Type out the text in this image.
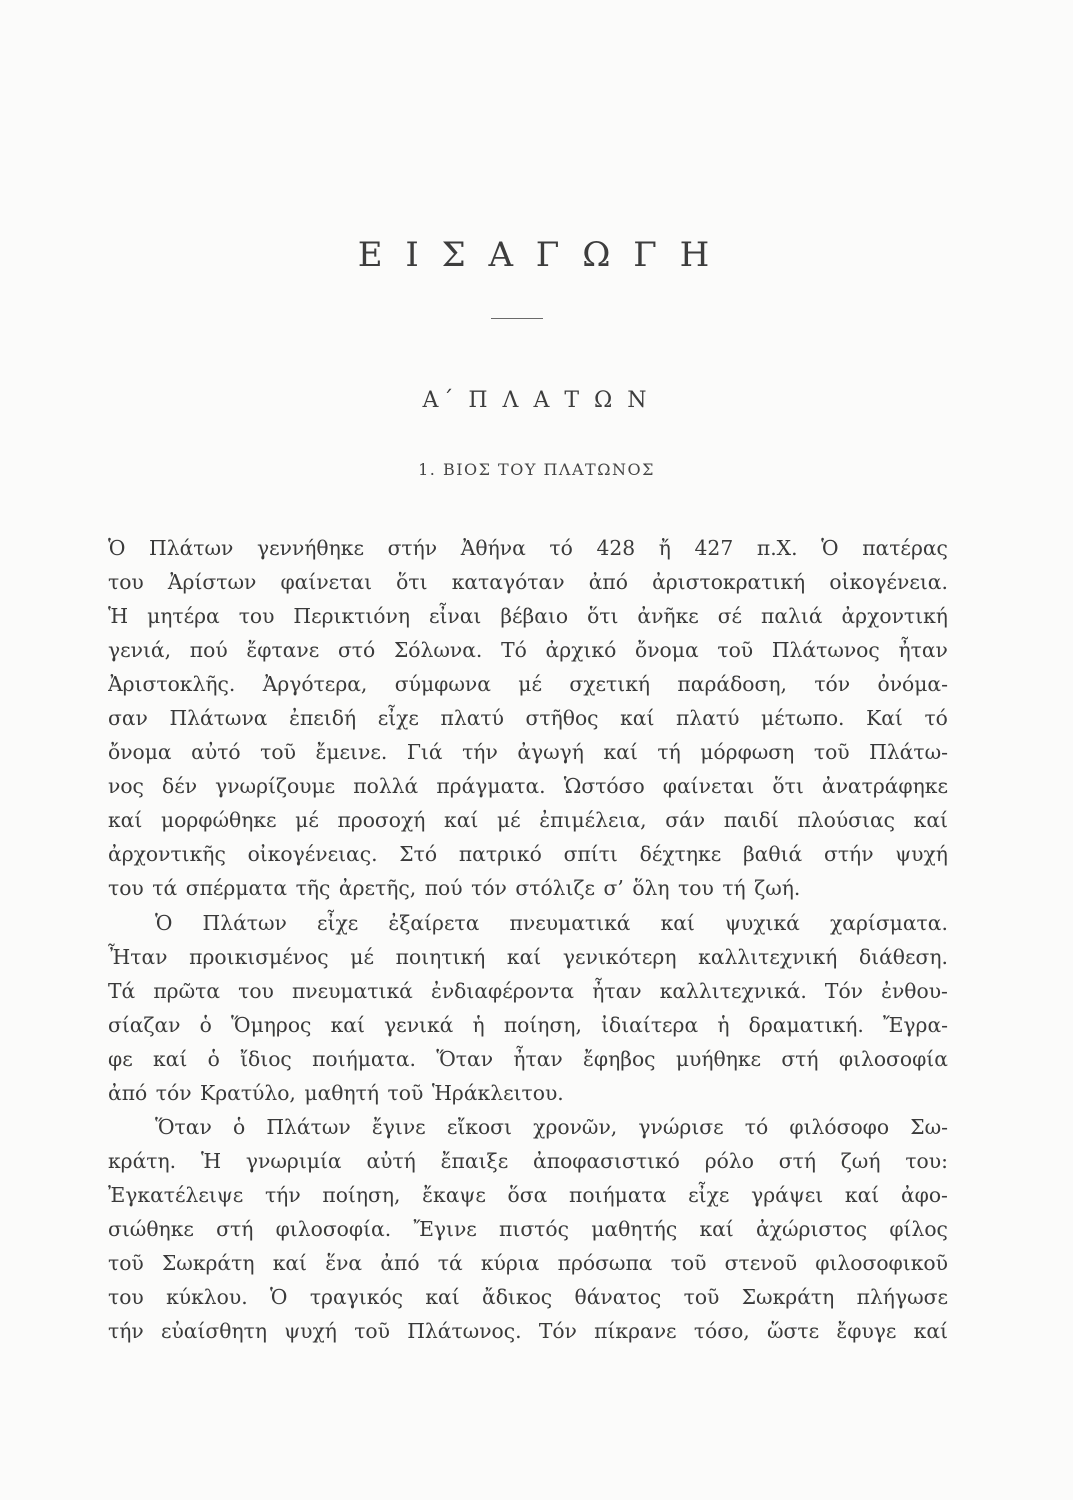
Ε Ι Σ Α Γ Ω Γ Η
Α΄ Π Λ Α Τ Ω Ν
1. ΒΙΟΣ ΤΟΥ ΠΛΑΤΩΝΟΣ
Ὁ Πλάτων γεννήθηκε στήν Ἀθήνα τό 428 ἤ 427 π.Χ. Ὁ πατέρας
του Ἀρίστων φαίνεται ὅτι καταγόταν ἀπό ἀριστοκρατική οἰκογένεια.
Ἡ μητέρα του Περικτιόνη εἶναι βέβαιο ὅτι ἀνῆκε σέ παλιά ἀρχοντική
γενιά, πού ἔφτανε στό Σόλωνα. Τό ἀρχικό ὄνομα τοῦ Πλάτωνος ἦταν
Ἀριστοκλῆς. Ἀργότερα, σύμφωνα μέ σχετική παράδοση, τόν ὀνόμα-
σαν Πλάτωνα ἐπειδή εἶχε πλατύ στῆθος καί πλατύ μέτωπο. Καί τό
ὄνομα αὐτό τοῦ ἔμεινε. Γιά τήν ἀγωγή καί τή μόρφωση τοῦ Πλάτω-
νος δέν γνωρίζουμε πολλά πράγματα. Ὡστόσο φαίνεται ὅτι ἀνατράφηκε
καί μορφώθηκε μέ προσοχή καί μέ ἐπιμέλεια, σάν παιδί πλούσιας καί
ἀρχοντικῆς οἰκογένειας. Στό πατρικό σπίτι δέχτηκε βαθιά στήν ψυχή
του τά σπέρματα τῆς ἀρετῆς, πού τόν στόλιζε σ’ ὅλη του τή ζωή.
Ὁ Πλάτων εἶχε ἐξαίρετα πνευματικά καί ψυχικά χαρίσματα.
Ἦταν προικισμένος μέ ποιητική καί γενικότερη καλλιτεχνική διάθεση.
Τά πρῶτα του πνευματικά ἐνδιαφέροντα ἦταν καλλιτεχνικά. Τόν ἐνθου-
σίαζαν ὁ Ὅμηρος καί γενικά ἡ ποίηση, ἰδιαίτερα ἡ δραματική. Ἔγρα-
φε καί ὁ ἴδιος ποιήματα. Ὅταν ἦταν ἔφηβος μυήθηκε στή φιλοσοφία
ἀπό τόν Κρατύλο, μαθητή τοῦ Ἡράκλειτου.
Ὅταν ὁ Πλάτων ἔγινε εἴκοσι χρονῶν, γνώρισε τό φιλόσοφο Σω-
κράτη. Ἡ γνωριμία αὐτή ἔπαιξε ἀποφασιστικό ρόλο στή ζωή του:
Ἐγκατέλειψε τήν ποίηση, ἔκαψε ὅσα ποιήματα εἶχε γράψει καί ἀφο-
σιώθηκε στή φιλοσοφία. Ἔγινε πιστός μαθητής καί ἀχώριστος φίλος
τοῦ Σωκράτη καί ἕνα ἀπό τά κύρια πρόσωπα τοῦ στενοῦ φιλοσοφικοῦ
του κύκλου. Ὁ τραγικός καί ἄδικος θάνατος τοῦ Σωκράτη πλήγωσε
τήν εὐαίσθητη ψυχή τοῦ Πλάτωνος. Τόν πίκρανε τόσο, ὥστε ἔφυγε καί
